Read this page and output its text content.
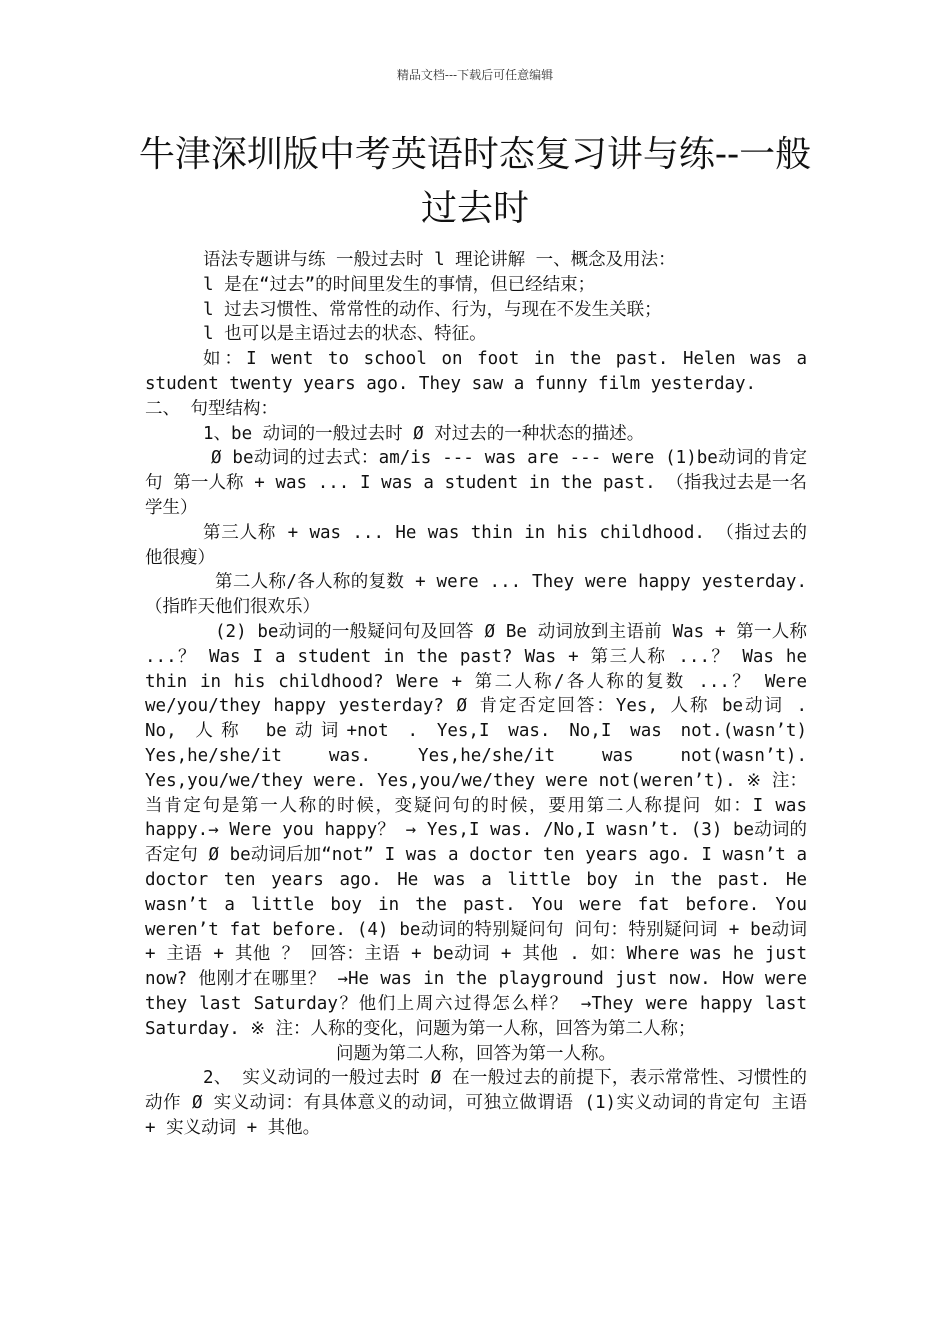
精品文档---下载后可任意编辑
牛津深圳版中考英语时态复习讲与练--一般过去时

语法专题讲与练 一般过去时 l 理论讲解 一、概念及用法：

l 是在“过去”的时间里发生的事情，但已经结束；

l 过去习惯性、常常性的动作、行为，与现在不发生关联；

l 也可以是主语过去的状态、特征。

如：I went to school on foot in the past. Helen was a student twenty years ago. They saw a funny film yesterday.

二、 句型结构：

1、be 动词的一般过去时 Ø 对过去的一种状态的描述。

Ø be动词的过去式：am/is --- was are --- were (1)be动词的肯定句 第一人称 + was ... I was a student in the past. （指我过去是一名学生）

第三人称 + was ... He was thin in his childhood. （指过去的他很瘦）

第二人称/各人称的复数 + were ... They were happy yesterday. （指昨天他们很欢乐）

(2) be动词的一般疑问句及回答 Ø Be 动词放到主语前 Was + 第一人称 ...？ Was I a student in the past? Was + 第三人称 ...？ Was he thin in his childhood? Were + 第二人称/各人称的复数 ...？ Were we/you/they happy yesterday? Ø 肯定否定回答：Yes, 人称 be动词 . No, 人称 be动词+not . Yes,I was. No,I was not.(wasn’t) Yes,he/she/it was. Yes,he/she/it was not(wasn’t). Yes,you/we/they were. Yes,you/we/they were not(weren’t). ※ 注：当肯定句是第一人称的时候，变疑问句的时候，要用第二人称提问 如：I was happy.→ Were you happy？ → Yes,I was. /No,I wasn’t. (3) be动词的否定句 Ø be动词后加“not” I was a doctor ten years ago. I wasn’t a doctor ten years ago. He was a little boy in the past. He wasn’t a little boy in the past. You were fat before. You weren’t fat before. (4) be动词的特别疑问句 问句：特别疑问词 + be动词 + 主语 + 其他 ？ 回答：主语 + be动词 + 其他 . 如：Where was he just now? 他刚才在哪里？ →He was in the playground just now. How were they last Saturday？他们上周六过得怎么样？ →They were happy last Saturday. ※ 注：人称的变化，问题为第一人称，回答为第二人称；

问题为第二人称，回答为第一人称。

2、 实义动词的一般过去时 Ø 在一般过去的前提下，表示常常性、习惯性的动作 Ø 实义动词：有具体意义的动词，可独立做谓语 (1)实义动词的肯定句 主语 + 实义动词 + 其他。
